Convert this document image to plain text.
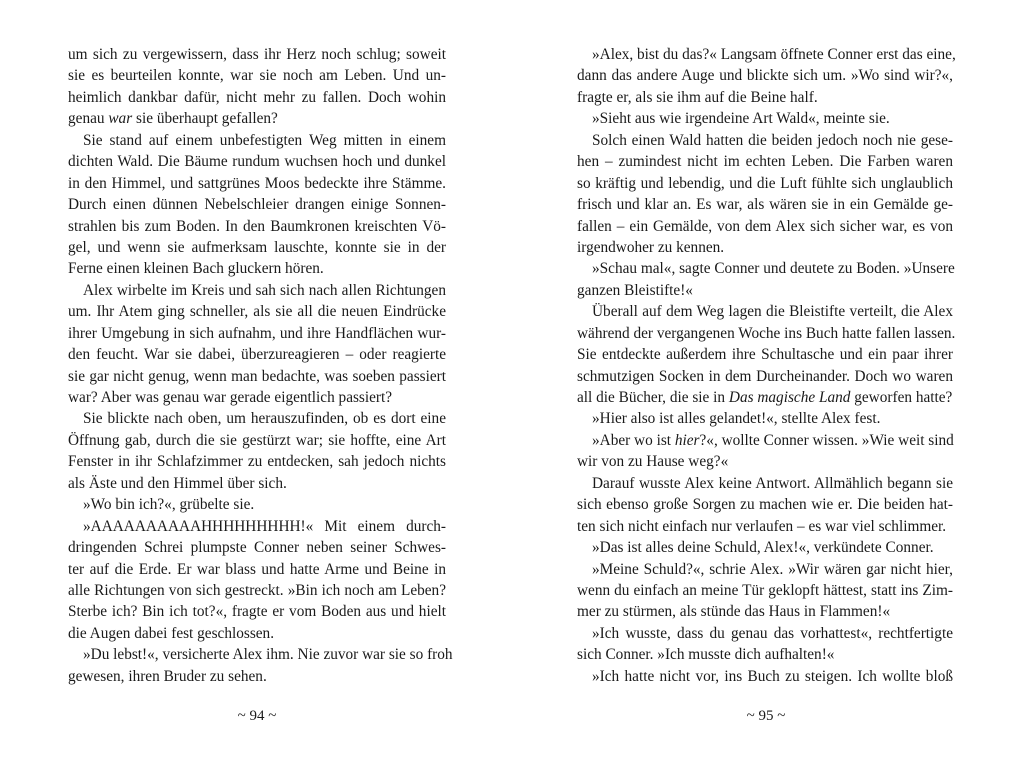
um sich zu vergewissern, dass ihr Herz noch schlug; soweit
sie es beurteilen konnte, war sie noch am Leben. Und un-
heimlich dankbar dafür, nicht mehr zu fallen. Doch wohin
genau war sie überhaupt gefallen?
Sie stand auf einem unbefestigten Weg mitten in einem
dichten Wald. Die Bäume rundum wuchsen hoch und dunkel
in den Himmel, und sattgrünes Moos bedeckte ihre Stämme.
Durch einen dünnen Nebelschleier drangen einige Sonnen-
strahlen bis zum Boden. In den Baumkronen kreischten Vö-
gel, und wenn sie aufmerksam lauschte, konnte sie in der
Ferne einen kleinen Bach gluckern hören.
Alex wirbelte im Kreis und sah sich nach allen Richtungen
um. Ihr Atem ging schneller, als sie all die neuen Eindrücke
ihrer Umgebung in sich aufnahm, und ihre Handflächen wur-
den feucht. War sie dabei, überzureagieren – oder reagierte
sie gar nicht genug, wenn man bedachte, was soeben passiert
war? Aber was genau war gerade eigentlich passiert?
Sie blickte nach oben, um herauszufinden, ob es dort eine
Öffnung gab, durch die sie gestürzt war; sie hoffte, eine Art
Fenster in ihr Schlafzimmer zu entdecken, sah jedoch nichts
als Äste und den Himmel über sich.
»Wo bin ich?«, grübelte sie.
»AAAAAAAAAAHHHHHHHHH!« Mit einem durch-
dringenden Schrei plumpste Conner neben seiner Schwes-
ter auf die Erde. Er war blass und hatte Arme und Beine in
alle Richtungen von sich gestreckt. »Bin ich noch am Leben?
Sterbe ich? Bin ich tot?«, fragte er vom Boden aus und hielt
die Augen dabei fest geschlossen.
»Du lebst!«, versicherte Alex ihm. Nie zuvor war sie so froh
gewesen, ihren Bruder zu sehen.
~ 94 ~
»Alex, bist du das?« Langsam öffnete Conner erst das eine,
dann das andere Auge und blickte sich um. »Wo sind wir?«,
fragte er, als sie ihm auf die Beine half.
»Sieht aus wie irgendeine Art Wald«, meinte sie.
Solch einen Wald hatten die beiden jedoch noch nie gese-
hen – zumindest nicht im echten Leben. Die Farben waren
so kräftig und lebendig, und die Luft fühlte sich unglaublich
frisch und klar an. Es war, als wären sie in ein Gemälde ge-
fallen – ein Gemälde, von dem Alex sich sicher war, es von
irgendwoher zu kennen.
»Schau mal«, sagte Conner und deutete zu Boden. »Unsere
ganzen Bleistifte!«
Überall auf dem Weg lagen die Bleistifte verteilt, die Alex
während der vergangenen Woche ins Buch hatte fallen lassen.
Sie entdeckte außerdem ihre Schultasche und ein paar ihrer
schmutzigen Socken in dem Durcheinander. Doch wo waren
all die Bücher, die sie in Das magische Land geworfen hatte?
»Hier also ist alles gelandet!«, stellte Alex fest.
»Aber wo ist hier?«, wollte Conner wissen. »Wie weit sind
wir von zu Hause weg?«
Darauf wusste Alex keine Antwort. Allmählich begann sie
sich ebenso große Sorgen zu machen wie er. Die beiden hat-
ten sich nicht einfach nur verlaufen – es war viel schlimmer.
»Das ist alles deine Schuld, Alex!«, verkündete Conner.
»Meine Schuld?«, schrie Alex. »Wir wären gar nicht hier,
wenn du einfach an meine Tür geklopft hättest, statt ins Zim-
mer zu stürmen, als stünde das Haus in Flammen!«
»Ich wusste, dass du genau das vorhattest«, rechtfertigte
sich Conner. »Ich musste dich aufhalten!«
»Ich hatte nicht vor, ins Buch zu steigen. Ich wollte bloß
~ 95 ~
